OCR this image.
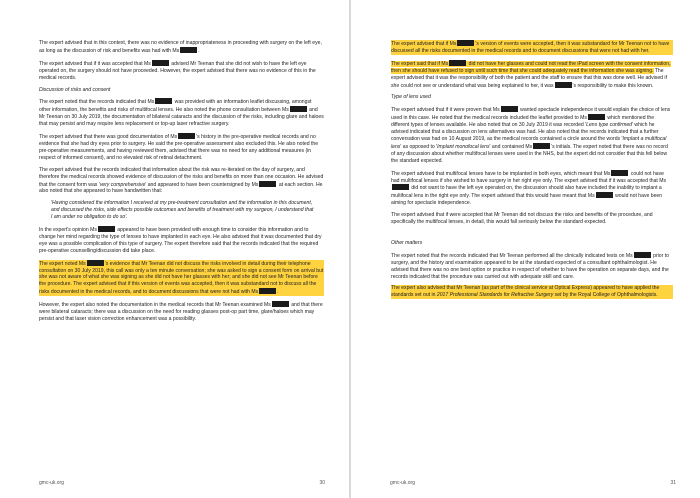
The expert advised that in this context, there was no evidence of inappropriateness in proceeding with surgery on the left eye, as long as the discussion of risk and benefits was had with Ms	.

The expert advised that if it was accepted that Ms	advised Mr Teenan that she did not wish to have the left eye operated on, the surgery should not have proceeded. However, the expert advised that there was no evidence of this in the medical records.

Discussion of risks and consent

The expert noted that the records indicated that Ms	was provided with an information leaflet discussing, amongst other information, the benefits and risks of multifocal lenses. He also noted the phone consultation between Ms	and Mr Teenan on 30 July 2019, the documentation of bilateral cataracts and the discussion of the risks, including glare and haloes that may persist and may require lens replacement or top-up laser refractive surgery.

The expert advised that there was good documentation of Ms	's history in the pre-operative medical records and no evidence that she had dry eyes prior to surgery. He said the pre-operative assessment also excluded this. He also noted the pre-operative measurements, and having reviewed them, advised that there was no need for any additional measures (in respect of informed consent), and no elevated risk of retinal detachment.

The expert advised that the records indicated that information about the risk was re-iterated on the day of surgery, and therefore the medical records showed evidence of discussion of the risks and benefits on more than one occasion. He advised that the consent form was 'very comprehensive' and appeared to have been countersigned by Ms	at each section. He also noted that she appeared to have handwritten that:

'Having considered the information I received at my pre-treatment consultation and the information in this document, and discussed the risks, side effects possible outcomes and benefits of treatment with my surgeon, I understand that I am under no obligation to do so'.

In the expert's opinion Ms	appeared to have been provided with enough time to consider this information and to change her mind regarding the type of lenses to have implanted in each eye. He also advised that it was documented that dry eye was a possible complication of this type of surgery. The expert therefore said that the records indicated that the required pre-operative counselling/discussion did take place.

The expert noted Ms	's evidence that Mr Teenan did not discuss the risks involved in detail during their telephone consultation on 30 July 2019, this call was only a ten minute conversation; she was asked to sign a consent form on arrival but she was not aware of what she was signing as she did not have her glasses with her; and she did not see Mr Teenan before the procedure. The expert advised that if this version of events was accepted, then it was substandard not to discuss all the risks documented in the medical records, and to document discussions that were not had with Ms	.

However, the expert also noted the documentation in the medical records that Mr Teenan examined Ms	and that there were bilateral cataracts; there was a discussion on the need for reading glasses post-op part time, glare/haloes which may persist and that laser vision correction enhancement was a possibility.

gmc-uk.org	30

The expert advised that if Ms	's version of events were accepted, then it was substandard for Mr Teenan not to have discussed all the risks documented in the medical records and to document discussions that were not had with her.

The expert said that if Ms	did not have her glasses and could not read the iPad screen with the consent information, then she should have refused to sign until such time that she could adequately read the information she was signing. The expert advised that it was the responsibility of both the patient and the staff to ensure that this was done well. He advised if she could not see or understand what was being explained to her, it was	's responsibility to make this known.

Type of lens used

The expert advised that if it were proven that Ms	wanted spectacle independence it would explain the choice of lens used in this case. He noted that the medical records included the leaflet provided to Ms	which mentioned the different types of lenses available. He also noted that on 30 July 2019 it was recorded 'Lens type confirmed' which he advised indicated that a discussion on lens alternatives was had. He also noted that the records indicated that a further conversation was had on 10 August 2019, as the medical records contained a circle around the words 'Implant a multifocal lens' as opposed to 'Implant monofocal lens' and contained Ms	's initials. The expert noted that there was no record of any discussion about whether multifocal lenses were used in the NHS, but the expert did not consider that this fell below the standard expected.

The expert advised that multifocal lenses have to be implanted in both eyes, which meant that Ms	could not have had multifocal lenses if she wished to have surgery in her right eye only. The expert advised that if it was accepted that Ms did not want to have the left eye operated on, the discussion should also have included the inability to implant a multifocal lens in the right eye only. The expert advised that this would have meant that Ms	would not have been aiming for spectacle independence.

The expert advised that if were accepted that Mr Teenan did not discuss the risks and benefits of the procedure, and specifically the multifocal lenses, in detail, this would fall seriously below the standard expected.

Other matters

The expert noted that the records indicated that Mr Teenan performed all the clinically indicated tests on Ms	prior to surgery, and the history and examination appeared to be at the standard expected of a consultant ophthalmologist. He advised that there was no one best option or practice in respect of whether to have the operation on separate days, and the records indicated that the procedure was carried out with adequate skill and care.

The expert also advised that Mr Teenan (as part of the clinical service at Optical Express) appeared to have applied the standards set out in 2017 Professional Standards for Refractive Surgery set by the Royal College of Ophthalmologists.

gmc-uk.org	31
